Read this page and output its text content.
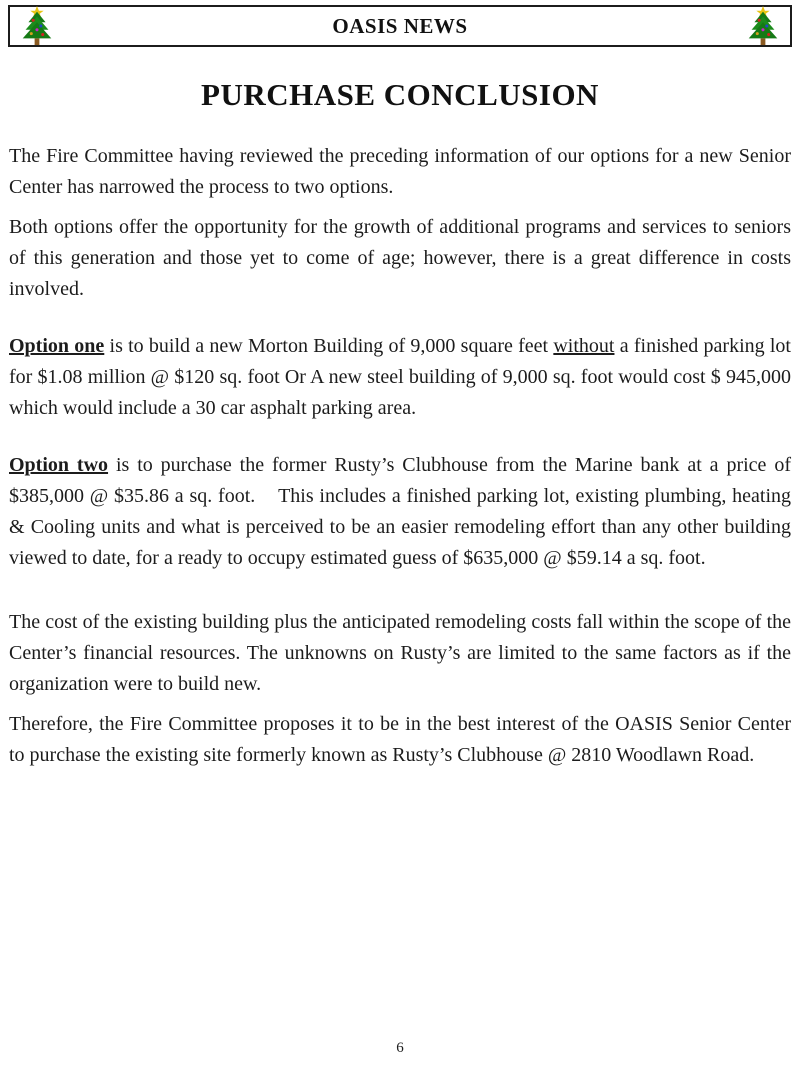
OASIS NEWS
PURCHASE CONCLUSION

The Fire Committee having reviewed the preceding information of our options for a new Senior Center has narrowed the process to two options.

Both options offer the opportunity for the growth of additional programs and services to seniors of this generation and those yet to come of age; however, there is a great difference in costs involved.

Option one is to build a new Morton Building of 9,000 square feet without a finished parking lot for $1.08 million @ $120 sq. foot Or A new steel building of 9,000 sq. foot would cost $ 945,000 which would include a 30 car asphalt parking area.

Option two is to purchase the former Rusty’s Clubhouse from the Marine bank at a price of $385,000 @ $35.86 a sq. foot.    This includes a finished parking lot, existing plumbing, heating & Cooling units and what is perceived to be an easier remodeling effort than any other building viewed to date, for a ready to occupy estimated guess of $635,000 @ $59.14 a sq. foot.

The cost of the existing building plus the anticipated remodeling costs fall within the scope of the Center’s financial resources. The unknowns on Rusty’s are limited to the same factors as if the organization were to build new.

Therefore, the Fire Committee proposes it to be in the best interest of the OASIS Senior Center to purchase the existing site formerly known as Rusty’s Clubhouse @ 2810 Woodlawn Road.

6
